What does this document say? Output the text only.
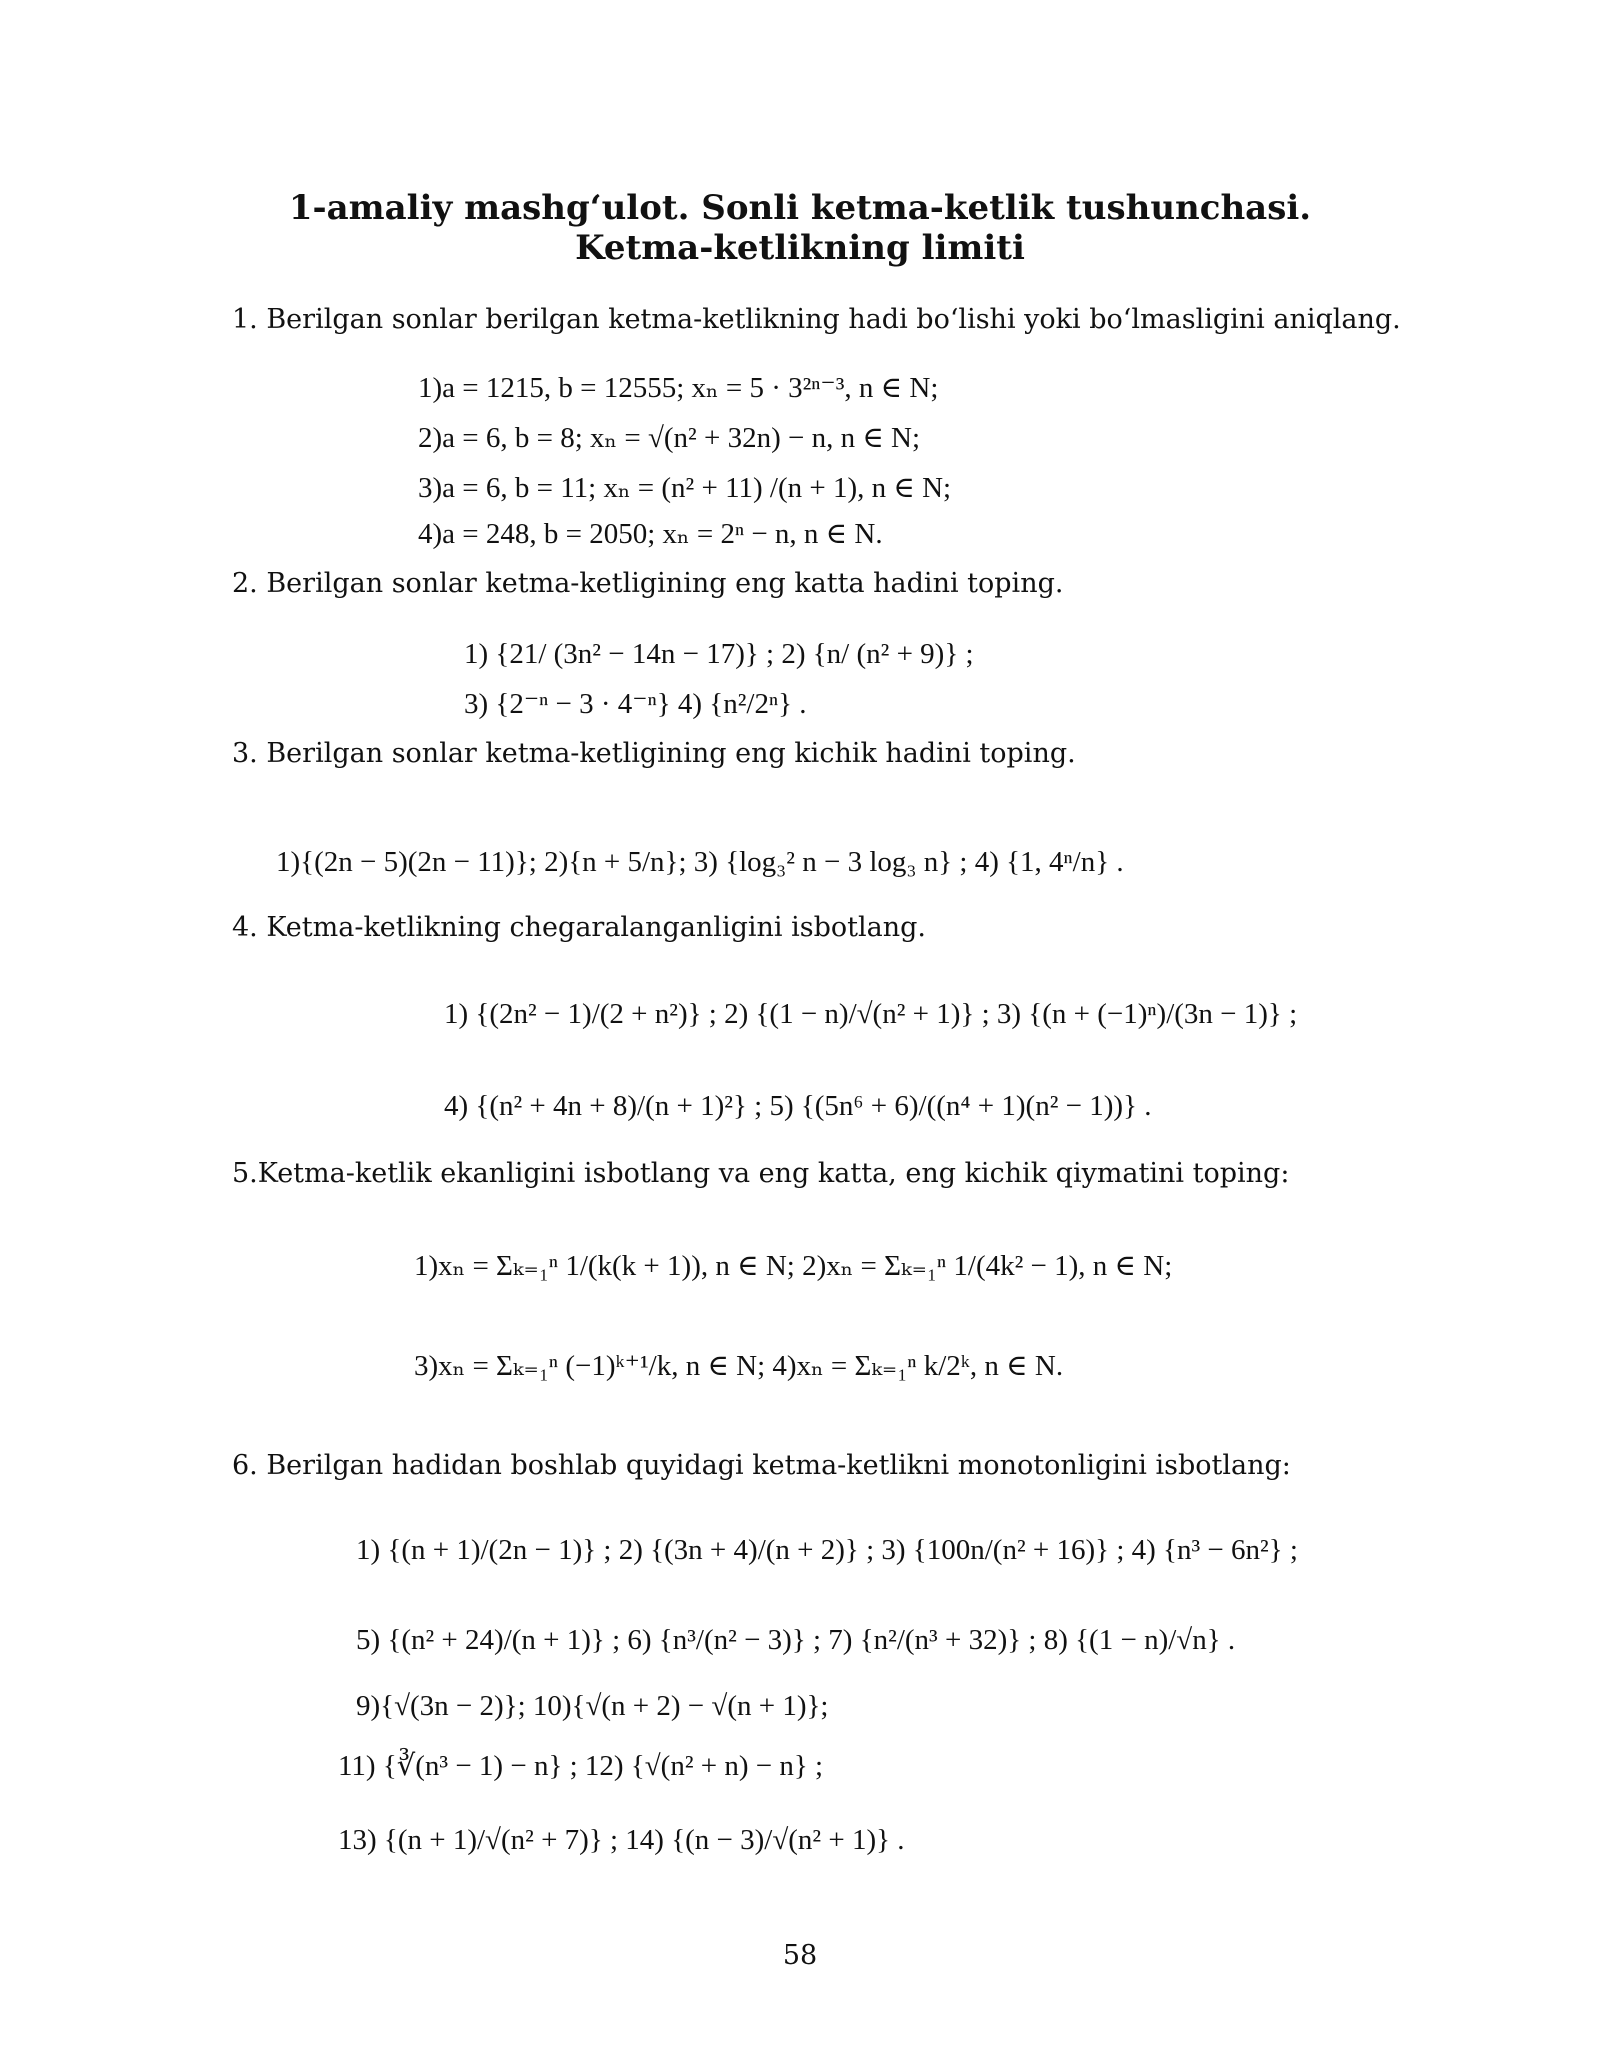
1-amaliy mashg‘ulot. Sonli ketma-ketlik tushunchasi.
Ketma-ketlikning limiti
1. Berilgan sonlar berilgan ketma-ketlikning hadi bo‘lishi yoki bo‘lmasligini aniqlang.
1)a = 1215, b = 12555; xₙ = 5 · 3²ⁿ⁻³, n ∈ N;
2)a = 6, b = 8; xₙ = √(n² + 32n) − n, n ∈ N;
3)a = 6, b = 11; xₙ = (n² + 11) /(n + 1), n ∈ N;
4)a = 248, b = 2050; xₙ = 2ⁿ − n, n ∈ N.
2. Berilgan sonlar ketma-ketligining eng katta hadini toping.
1) {21/ (3n² − 14n − 17)} ; 2) {n/ (n² + 9)} ;
3) {2⁻ⁿ − 3 · 4⁻ⁿ} 4) {n²/2ⁿ} .
3. Berilgan sonlar ketma-ketligining eng kichik hadini toping.
1){(2n − 5)(2n − 11)}; 2){n + 5/n}; 3) {log₃² n − 3 log₃ n} ; 4) {1, 4ⁿ/n} .
4. Ketma-ketlikning chegaralanganligini isbotlang.
1) {(2n² − 1)/(2 + n²)} ; 2) {(1 − n)/√(n² + 1)} ; 3) {(n + (−1)ⁿ)/(3n − 1)} ;
4) {(n² + 4n + 8)/(n + 1)²} ; 5) {(5n⁶ + 6)/((n⁴ + 1)(n² − 1))} .
5.Ketma-ketlik ekanligini isbotlang va eng katta, eng kichik qiymatini toping:
1)xₙ = Σₖ₌₁ⁿ 1/(k(k + 1)), n ∈ N; 2)xₙ = Σₖ₌₁ⁿ 1/(4k² − 1), n ∈ N;
3)xₙ = Σₖ₌₁ⁿ (−1)ᵏ⁺¹/k, n ∈ N; 4)xₙ = Σₖ₌₁ⁿ k/2ᵏ, n ∈ N.
6. Berilgan hadidan boshlab quyidagi ketma-ketlikni monotonligini isbotlang:
1) {(n + 1)/(2n − 1)} ; 2) {(3n + 4)/(n + 2)} ; 3) {100n/(n² + 16)} ; 4) {n³ − 6n²} ;
5) {(n² + 24)/(n + 1)} ; 6) {n³/(n² − 3)} ; 7) {n²/(n³ + 32)} ; 8) {(1 − n)/√n} .
9){√(3n − 2)}; 10){√(n + 2) − √(n + 1)};
11) {∛(n³ − 1) − n} ; 12) {√(n² + n) − n} ;
13) {(n + 1)/√(n² + 7)} ; 14) {(n − 3)/√(n² + 1)} .
58
